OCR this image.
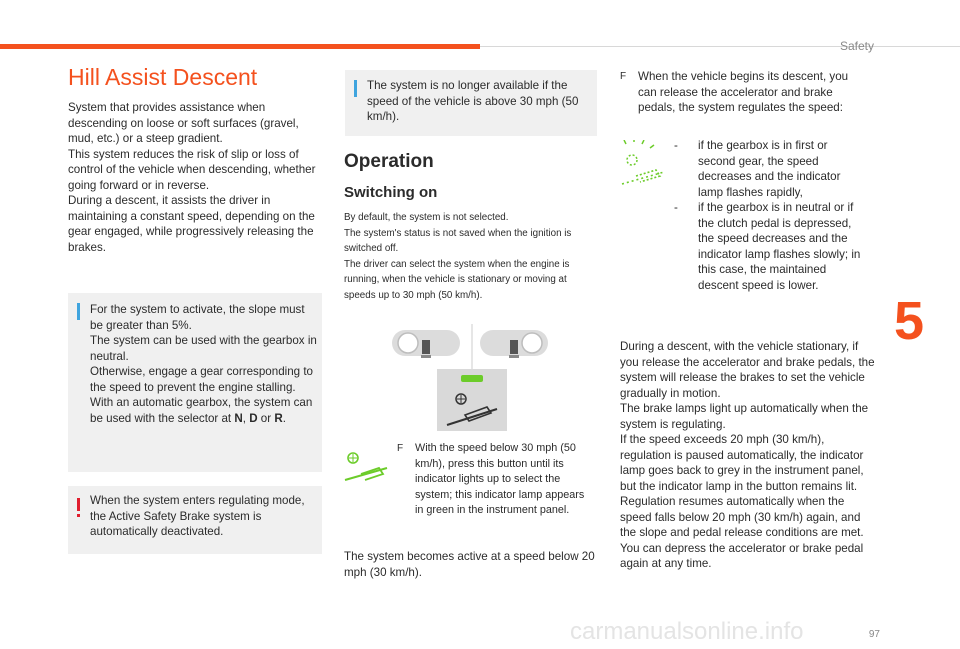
Safety
5
97
Hill Assist Descent

System that provides assistance when descending on loose or soft surfaces (gravel, mud, etc.) or a steep gradient.

This system reduces the risk of slip or loss of control of the vehicle when descending, whether going forward or in reverse.

During a descent, it assists the driver in maintaining a constant speed, depending on the gear engaged, while progressively releasing the brakes.

For the system to activate, the slope must be greater than 5%.

The system can be used with the gearbox in neutral.

Otherwise, engage a gear corresponding to the speed to prevent the engine stalling.

With an automatic gearbox, the system can be used with the selector at N, D or R.

When the system enters regulating mode, the Active Safety Brake system is automatically deactivated.
The system is no longer available if the speed of the vehicle is above 30 mph (50 km/h).
Operation
Switching on

By default, the system is not selected.

The system's status is not saved when the ignition is switched off.

The driver can select the system when the engine is running, when the vehicle is stationary or moving at speeds up to 30 mph (50 km/h).

F	With the speed below 30 mph (50 km/h), press this button until its indicator lights up to select the system; this indicator lamp appears in green in the instrument panel.
The system becomes active at a speed below 20 mph (30 km/h).
F	When the vehicle begins its descent, you can release the accelerator and brake pedals, the system regulates the speed:
-	if the gearbox is in first or second gear, the speed decreases and the indicator lamp flashes rapidly,
-	if the gearbox is in neutral or if the clutch pedal is depressed, the speed decreases and the indicator lamp flashes slowly; in this case, the maintained descent speed is lower.

During a descent, with the vehicle stationary, if you release the accelerator and brake pedals, the system will release the brakes to set the vehicle gradually in motion.

The brake lamps light up automatically when the system is regulating.

If the speed exceeds 20 mph (30 km/h), regulation is paused automatically, the indicator lamp goes back to grey in the instrument panel, but the indicator lamp in the button remains lit.

Regulation resumes automatically when the speed falls below 20 mph (30 km/h) again, and the slope and pedal release conditions are met.

You can depress the accelerator or brake pedal again at any time.

carmanualsonline.info
